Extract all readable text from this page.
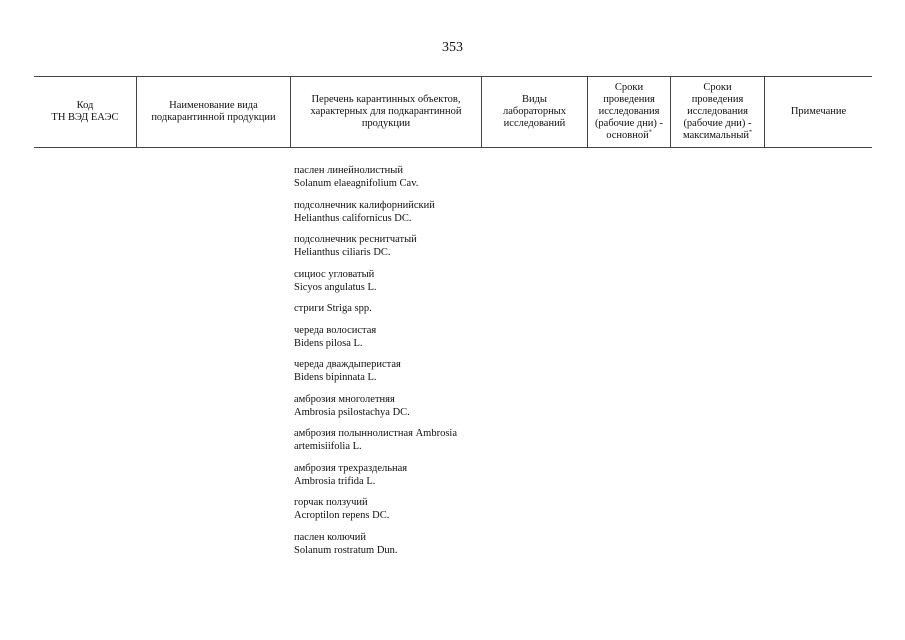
353
Код
ТН ВЭД ЕАЭС
Наименование вида
подкарантинной продукции
Перечень карантинных объектов,
характерных для подкарантинной
продукции
Виды
лабораторных
исследований
Сроки
проведения
исследования
(рабочие дни) -
основной*
Сроки
проведения
исследования
(рабочие дни) -
максимальный*
Примечание
паслен линейнолистный
Solanum elaeagnifolium Cav.
подсолнечник калифорнийский
Helianthus californicus DC.
подсолнечник реснитчатый
Helianthus ciliaris DC.
сициос угловатый
Sicyos angulatus L.
стриги Striga spp.
череда волосистая
Bidens pilosa L.
череда дваждыперистая
Bidens bipinnata L.
амброзия многолетняя
Ambrosia psilostachya DC.
амброзия полыннолистная Ambrosia
artemisiifolia L.
амброзия трехраздельная
Ambrosia trifida L.
горчак ползучий
Acroptilon repens DC.
паслен колючий
Solanum rostratum Dun.
